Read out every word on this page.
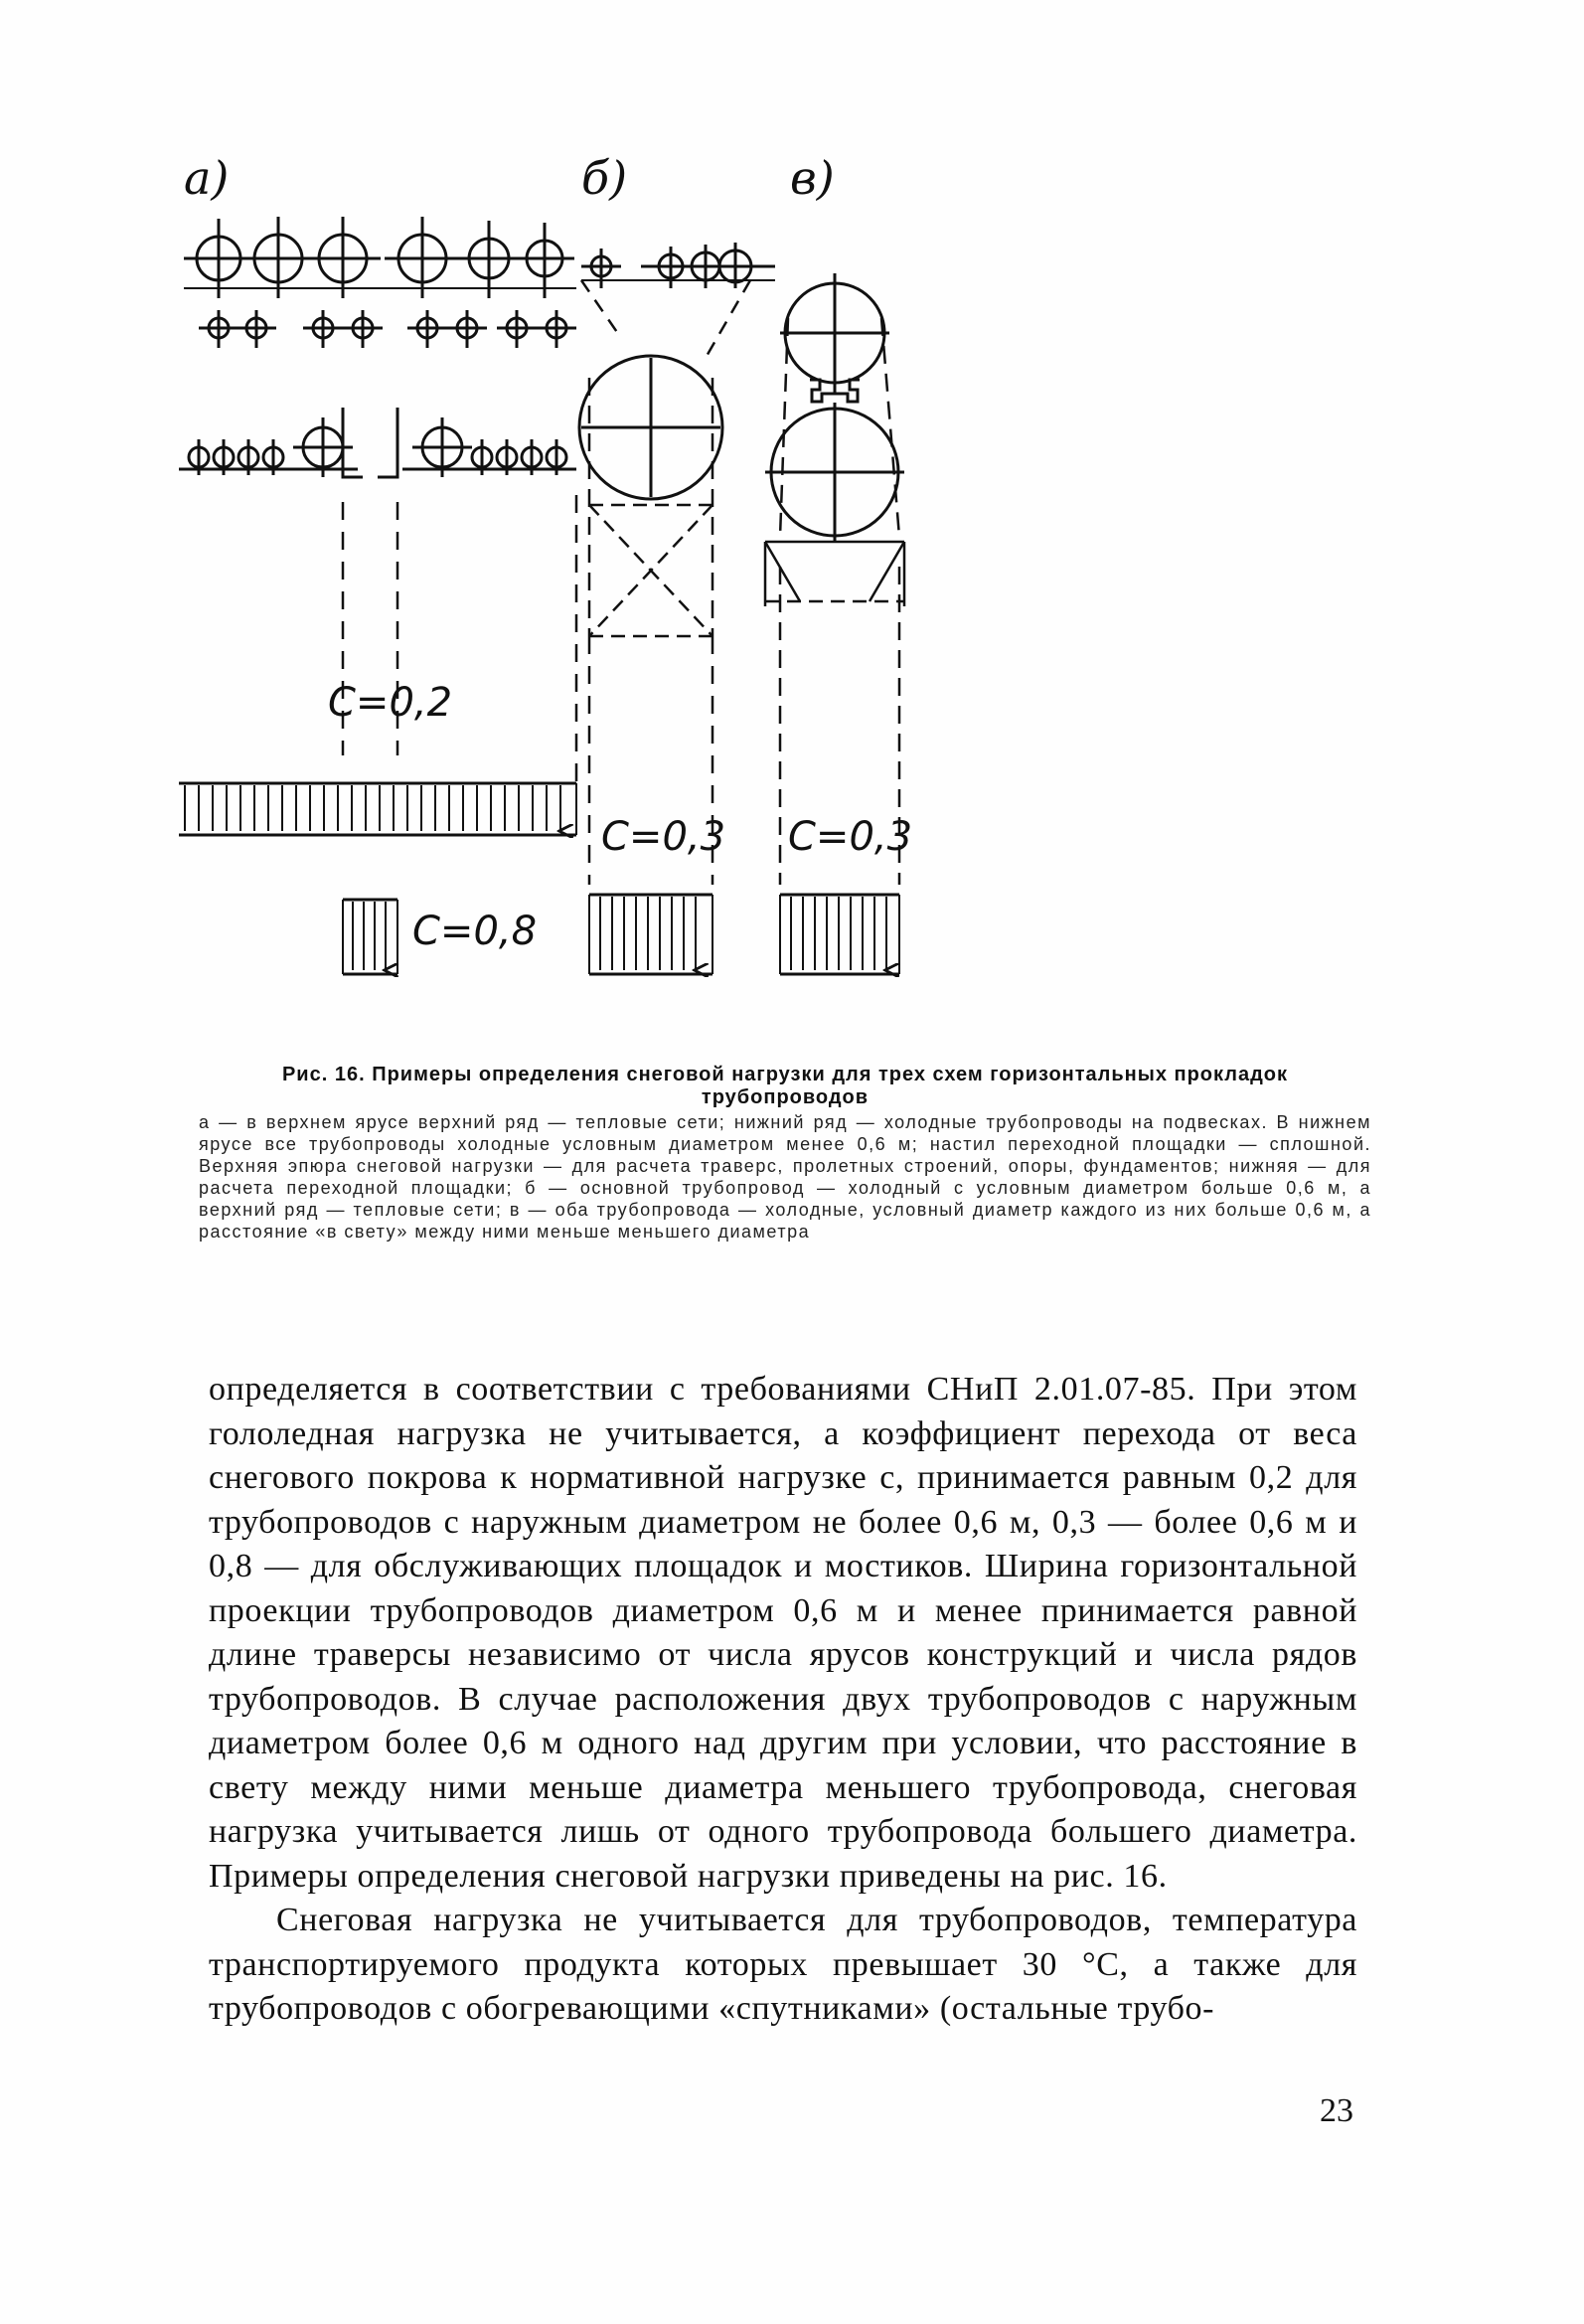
а)	б)	в)
С=0,2
С=0,8
С=0,3 С=0,3

Рис. 16. Примеры определения снеговой нагрузки для трех схем горизонтальных прокладок трубопроводов

а — в верхнем ярусе верхний ряд — тепловые сети; нижний ряд — холодные трубопроводы на подвесках. В нижнем ярусе все трубопроводы холодные условным диаметром менее 0,6 м; настил переходной площадки — сплошной. Верхняя эпюра снеговой нагрузки — для расчета траверс, пролетных строений, опоры, фундаментов; нижняя — для расчета переходной площадки; б — основной трубопровод — холодный с условным диаметром больше 0,6 м, а верхний ряд — тепловые сети; в — оба трубопровода — холодные, условный диаметр каждого из них больше 0,6 м, а расстояние «в свету» между ними меньше меньшего диаметра

определяется в соответствии с требованиями СНиП 2.01.07-85. При этом гололедная нагрузка не учитывается, а коэффициент перехода от веса снегового покрова к нормативной нагрузке с, принимается равным 0,2 для трубопроводов с наружным диаметром не более 0,6 м, 0,3 — более 0,6 м и 0,8 — для обслуживающих площадок и мостиков. Ширина горизонтальной проекции трубопроводов диаметром 0,6 м и менее принимается равной длине траверсы независимо от числа ярусов конструкций и числа рядов трубопроводов. В случае расположения двух трубопроводов с наружным диаметром более 0,6 м одного над другим при условии, что расстояние в свету между ними меньше диаметра меньшего трубопровода, снеговая нагрузка учитывается лишь от одного трубопровода большего диаметра. Примеры определения снеговой нагрузки приведены на рис. 16.

Снеговая нагрузка не учитывается для трубопроводов, температура транспортируемого продукта которых превышает 30 °С, а также для трубопроводов с обогревающими «спутниками» (остальные трубо-

23
